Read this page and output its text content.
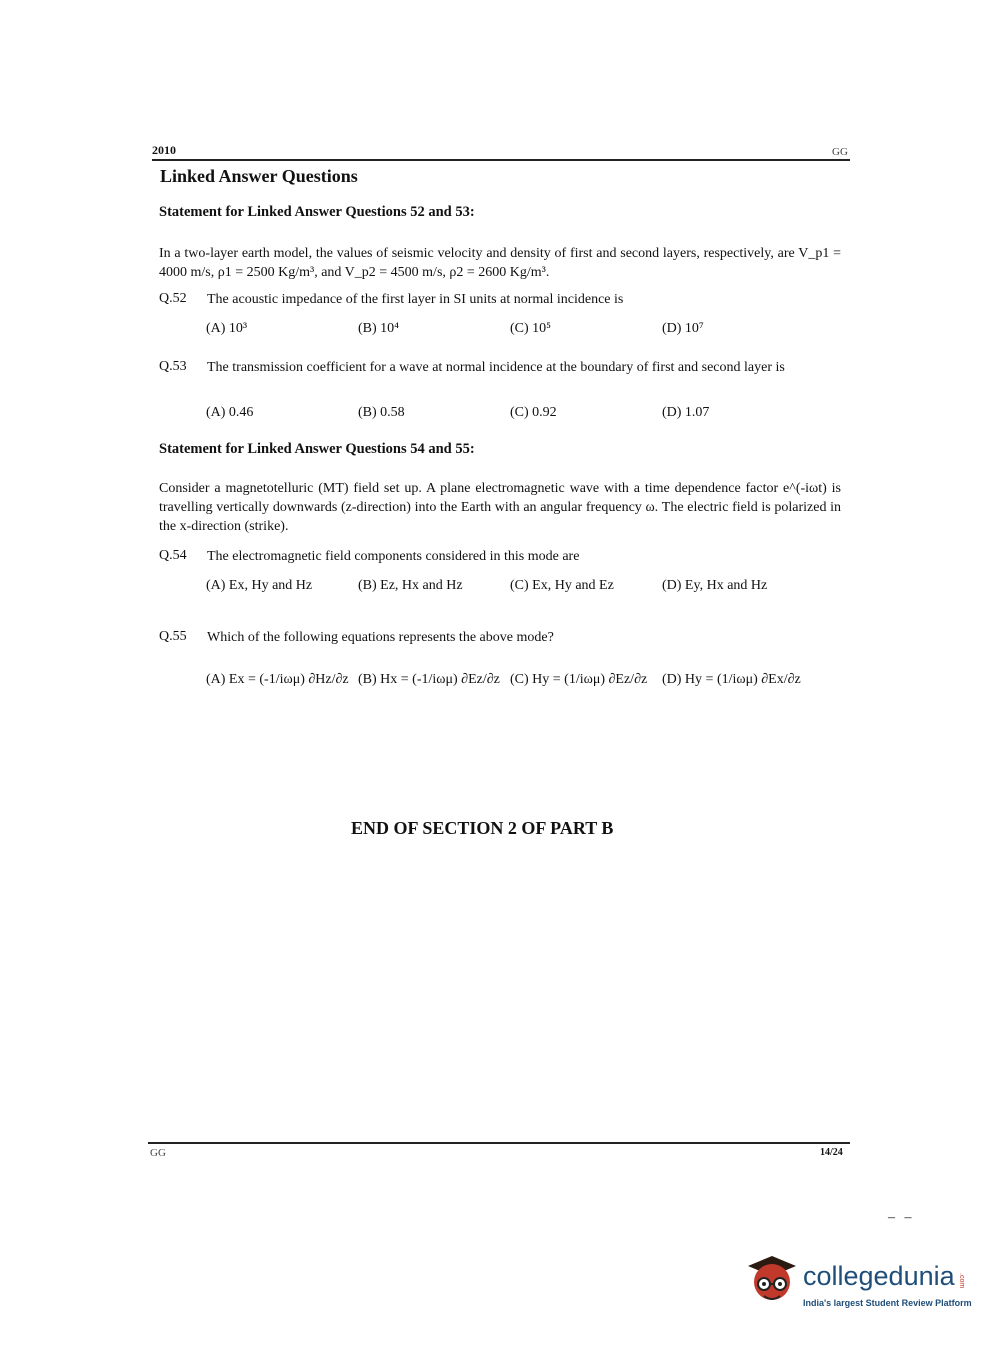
2010	GG
Linked Answer Questions
Statement for Linked Answer Questions 52 and 53:
In a two-layer earth model, the values of seismic velocity and density of first and second layers, respectively, are V_p1 = 4000 m/s, ρ1 = 2500 Kg/m³, and V_p2 = 4500 m/s, ρ2 = 2600 Kg/m³.
Q.52 The acoustic impedance of the first layer in SI units at normal incidence is
(A) 10³	(B) 10⁴	(C) 10⁵	(D) 10⁷
Q.53 The transmission coefficient for a wave at normal incidence at the boundary of first and second layer is
(A) 0.46	(B) 0.58	(C) 0.92	(D) 1.07
Statement for Linked Answer Questions 54 and 55:
Consider a magnetotelluric (MT) field set up. A plane electromagnetic wave with a time dependence factor e^(-iωt) is travelling vertically downwards (z-direction) into the Earth with an angular frequency ω. The electric field is polarized in the x-direction (strike).
Q.54 The electromagnetic field components considered in this mode are
(A) Ex, Hy and Hz	(B) Ez, Hx and Hz	(C) Ex, Hy and Ez	(D) Ey, Hx and Hz
Q.55 Which of the following equations represents the above mode?
(A) Ex = (-1/iωμ) ∂Hz/∂z (B) Hx = (-1/iωμ) ∂Ez/∂z (C) Hy = (1/iωμ) ∂Ez/∂z (D) Hy = (1/iωμ) ∂Ex/∂z
END OF SECTION 2 OF PART B
GG	14/24
– –
collegedunia .com
India's largest Student Review Platform
